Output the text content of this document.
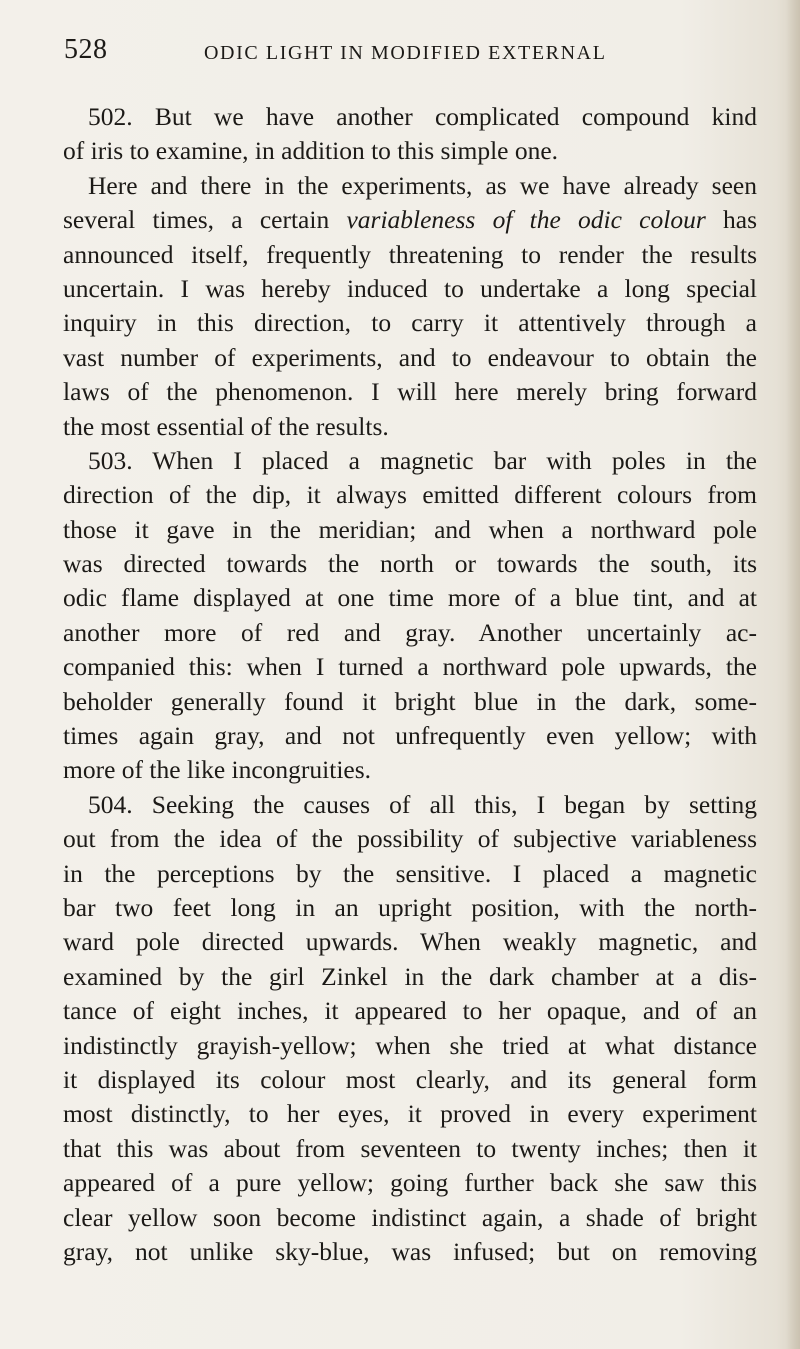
528	ODIC LIGHT IN MODIFIED EXTERNAL
502. But we have another complicated compound kind
of iris to examine, in addition to this simple one.
Here and there in the experiments, as we have already seen
several times, a certain variableness of the odic colour has
announced itself, frequently threatening to render the results
uncertain. I was hereby induced to undertake a long special
inquiry in this direction, to carry it attentively through a
vast number of experiments, and to endeavour to obtain the
laws of the phenomenon. I will here merely bring forward
the most essential of the results.
503. When I placed a magnetic bar with poles in the
direction of the dip, it always emitted different colours from
those it gave in the meridian; and when a northward pole
was directed towards the north or towards the south, its
odic flame displayed at one time more of a blue tint, and at
another more of red and gray. Another uncertainly ac-
companied this: when I turned a northward pole upwards, the
beholder generally found it bright blue in the dark, some-
times again gray, and not unfrequently even yellow; with
more of the like incongruities.
504. Seeking the causes of all this, I began by setting
out from the idea of the possibility of subjective variableness
in the perceptions by the sensitive. I placed a magnetic
bar two feet long in an upright position, with the north-
ward pole directed upwards. When weakly magnetic, and
examined by the girl Zinkel in the dark chamber at a dis-
tance of eight inches, it appeared to her opaque, and of an
indistinctly grayish-yellow; when she tried at what distance
it displayed its colour most clearly, and its general form
most distinctly, to her eyes, it proved in every experiment
that this was about from seventeen to twenty inches; then it
appeared of a pure yellow; going further back she saw this
clear yellow soon become indistinct again, a shade of bright
gray, not unlike sky-blue, was infused; but on removing
